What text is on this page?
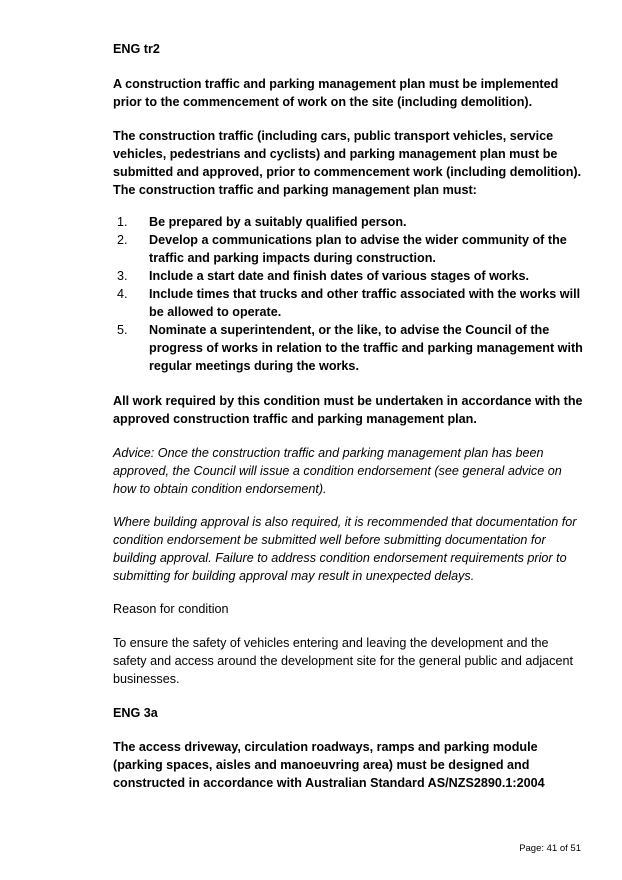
ENG tr2

A construction traffic and parking management plan must be implemented prior to the commencement of work on the site (including demolition).

The construction traffic (including cars, public transport vehicles, service vehicles, pedestrians and cyclists) and parking management plan must be submitted and approved, prior to commencement work (including demolition). The construction traffic and parking management plan must:

1. Be prepared by a suitably qualified person.
2. Develop a communications plan to advise the wider community of the traffic and parking impacts during construction.
3. Include a start date and finish dates of various stages of works.
4. Include times that trucks and other traffic associated with the works will be allowed to operate.
5. Nominate a superintendent, or the like, to advise the Council of the progress of works in relation to the traffic and parking management with regular meetings during the works.

All work required by this condition must be undertaken in accordance with the approved construction traffic and parking management plan.

Advice: Once the construction traffic and parking management plan has been approved, the Council will issue a condition endorsement (see general advice on how to obtain condition endorsement).

Where building approval is also required, it is recommended that documentation for condition endorsement be submitted well before submitting documentation for building approval. Failure to address condition endorsement requirements prior to submitting for building approval may result in unexpected delays.

Reason for condition

To ensure the safety of vehicles entering and leaving the development and the safety and access around the development site for the general public and adjacent businesses.

ENG 3a

The access driveway, circulation roadways, ramps and parking module (parking spaces, aisles and manoeuvring area) must be designed and constructed in accordance with Australian Standard AS/NZS2890.1:2004

Page: 41 of 51
